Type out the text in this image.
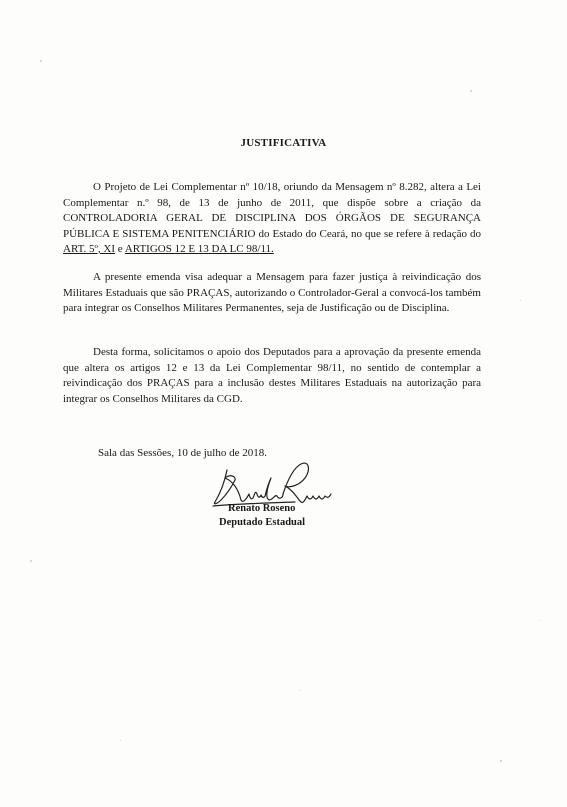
JUSTIFICATIVA

O Projeto de Lei Complementar nº 10/18, oriundo da Mensagem nº 8.282, altera a Lei Complementar n.º 98, de 13 de junho de 2011, que dispõe sobre a criação da CONTROLADORIA GERAL DE DISCIPLINA DOS ÓRGÃOS DE SEGURANÇA PÚBLICA E SISTEMA PENITENCIÁRIO do Estado do Ceará, no que se refere à redação do ART. 5º, XI e ARTIGOS 12 E 13 DA LC 98/11.

A presente emenda visa adequar a Mensagem para fazer justiça à reivindicação dos Militares Estaduais que são PRAÇAS, autorizando o Controlador-Geral a convocá-los também para integrar os Conselhos Militares Permanentes, seja de Justificação ou de Disciplina.

Desta forma, solicitamos o apoio dos Deputados para a aprovação da presente emenda que altera os artigos 12 e 13 da Lei Complementar 98/11, no sentido de contemplar a reivindicação dos PRAÇAS para a inclusão destes Militares Estaduais na autorização para integrar os Conselhos Militares da CGD.

Sala das Sessões, 10 de julho de 2018.
Renato Roseno
Deputado Estadual
